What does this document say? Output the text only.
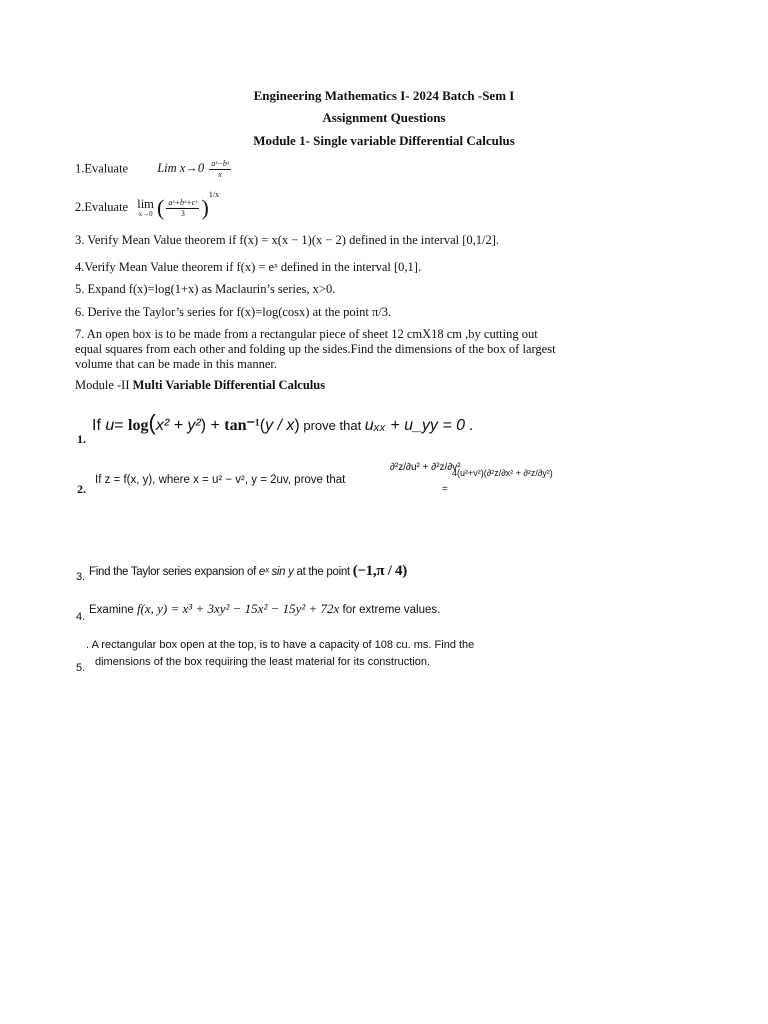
Engineering Mathematics I- 2024 Batch -Sem I
Assignment Questions
Module 1- Single variable Differential Calculus
1.Evaluate Lim $x\to 0 \frac{\text{aˣ−bˣ}}{x}$
2.Evaluate lim
x→0 ( $\frac{\text{aˣ+bˣ+cˣ}}{3} )^{1/x}$
3. Verify Mean Value theorem if f(x) = x(x − 1)(x − 2) defined in the interval [0,1/2].
4.Verify Mean Value theorem if f(x) = eˣ defined in the interval [0,1].
5. Expand f(x)=log(1+x) as Maclaurin’s series, x>0.
6. Derive the Taylor’s series for f(x)=log(cosx) at the point π/3.
7. An open box is to be made from a rectangular piece of sheet 12 cmX18 cm ,by cutting out
equal squares from each other and folding up the sides.Find the dimensions of the box of largest
volume that can be made in this manner.
Module -II Multi Variable Differential Calculus
If u= log(x² + y²) + tan⁻¹(y / x) prove that uₓₓ + u_yy = 0 .
1.
If z = f(x, y), where x = u² − v², y = 2uv, prove that
∂²z/∂u² + ∂²z/∂v²
=
4(u²+v²)(∂²z/∂x² + ∂²z/∂y²)
2.
Find the Taylor series expansion of eˣ sin y at the point (−1,π / 4)
3.
Examine f(x, y) = x³ + 3xy² − 15x² − 15y² + 72x for extreme values.
4.
. A rectangular box open at the top, is to have a capacity of 108 cu. ms. Find the
dimensions of the box requiring the least material for its construction.
5.
